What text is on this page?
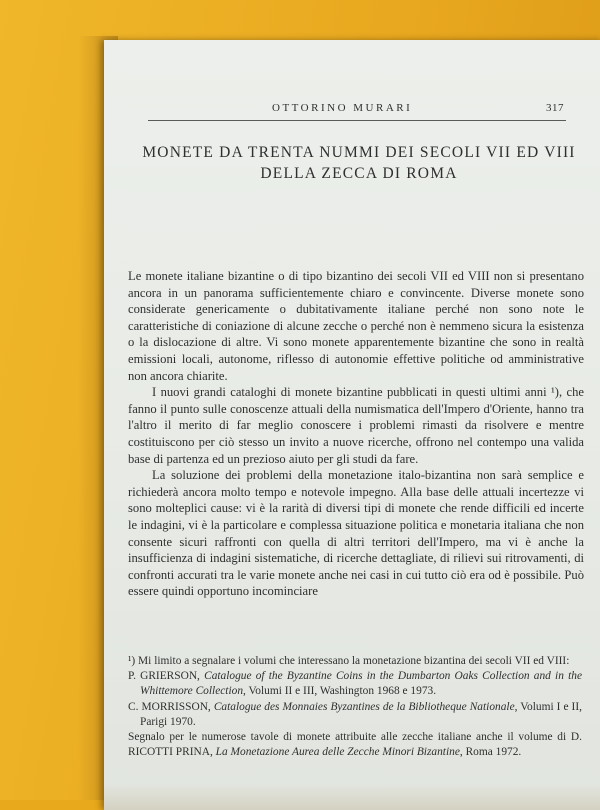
OTTORINO MURARI	317
MONETE DA TRENTA NUMMI DEI SECOLI VII ED VIII
DELLA ZECCA DI ROMA

Le monete italiane bizantine o di tipo bizantino dei secoli VII ed VIII non si presentano ancora in un panorama sufficientemente chiaro e convincente. Diverse monete sono considerate genericamente o dubitativamente italiane perché non sono note le caratteristiche di coniazione di alcune zecche o perché non è nemmeno sicura la esistenza o la dislocazione di altre. Vi sono monete apparentemente bizantine che sono in realtà emissioni locali, autonome, riflesso di autonomie effettive politiche od amministrative non ancora chiarite.

I nuovi grandi cataloghi di monete bizantine pubblicati in questi ultimi anni ¹), che fanno il punto sulle conoscenze attuali della numismatica dell'Impero d'Oriente, hanno tra l'altro il merito di far meglio conoscere i problemi rimasti da risolvere e mentre costituiscono per ciò stesso un invito a nuove ricerche, offrono nel contempo una valida base di partenza ed un prezioso aiuto per gli studi da fare.

La soluzione dei problemi della monetazione italo-bizantina non sarà semplice e richiederà ancora molto tempo e notevole impegno. Alla base delle attuali incertezze vi sono molteplici cause: vi è la rarità di diversi tipi di monete che rende difficili ed incerte le indagini, vi è la particolare e complessa situazione politica e monetaria italiana che non consente sicuri raffronti con quella di altri territori dell'Impero, ma vi è anche la insufficienza di indagini sistematiche, di ricerche dettagliate, di rilievi sui ritrovamenti, di confronti accurati tra le varie monete anche nei casi in cui tutto ciò era od è possibile. Può essere quindi opportuno incominciare

¹) Mi limito a segnalare i volumi che interessano la monetazione bizantina dei secoli VII ed VIII:

P. GRIERSON, Catalogue of the Byzantine Coins in the Dumbarton Oaks Collection and in the Whittemore Collection, Volumi II e III, Washington 1968 e 1973.

C. MORRISSON, Catalogue des Monnaies Byzantines de la Bibliotheque Nationale, Volumi I e II, Parigi 1970.

Segnalo per le numerose tavole di monete attribuite alle zecche italiane anche il volume di D. RICOTTI PRINA, La Monetazione Aurea delle Zecche Minori Bizantine, Roma 1972.
